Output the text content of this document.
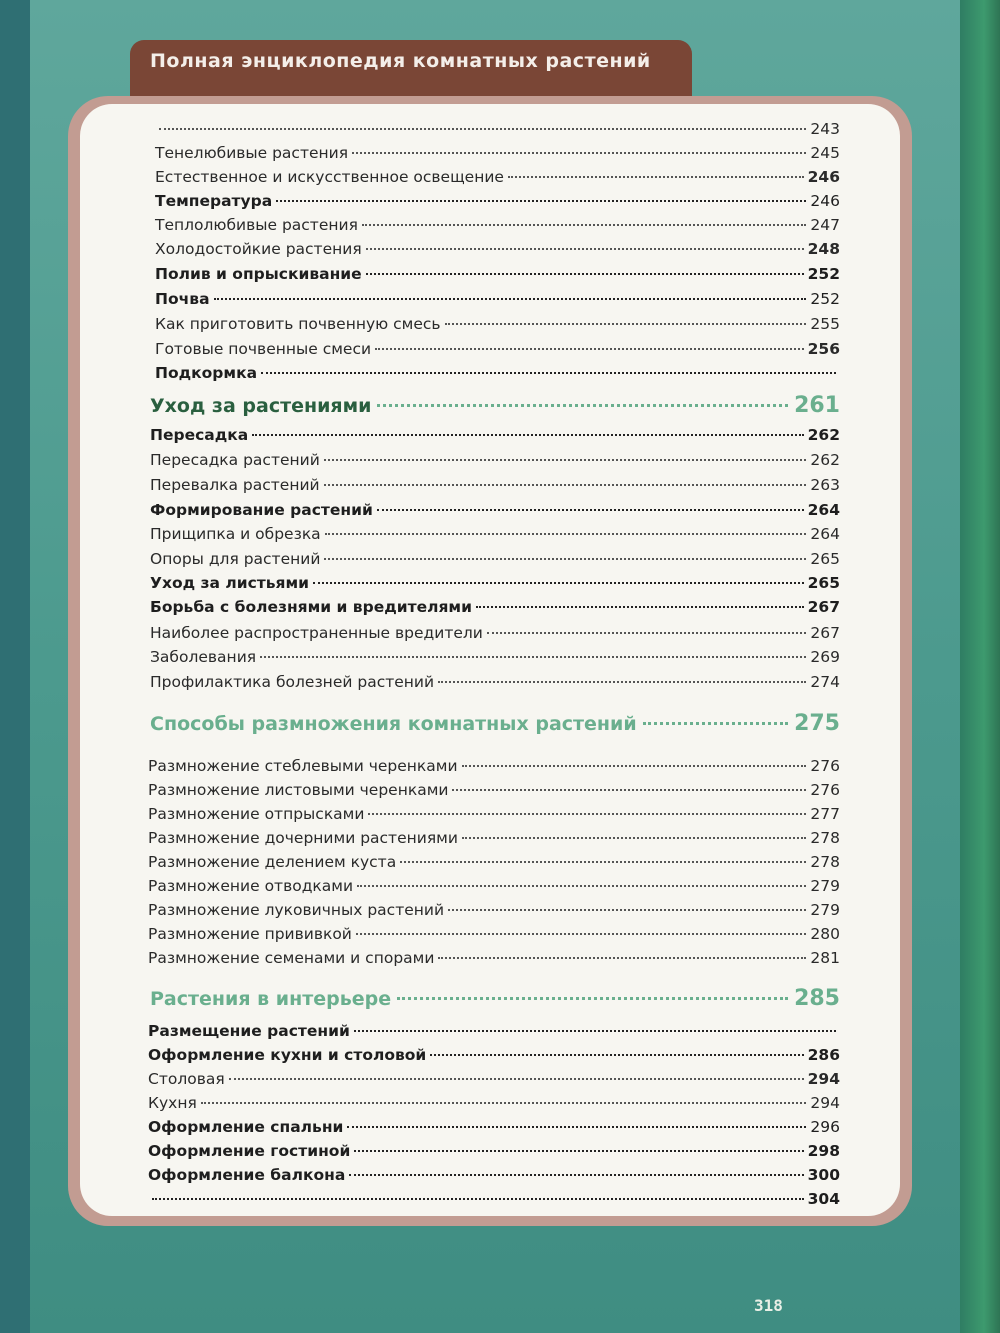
Полная энциклопедия комнатных растений
243
Тенелюбивые растения	245
Естественное и искусственное освещение	246
Температура	246
Теплолюбивые растения	247
Холодостойкие растения	248
Полив и опрыскивание	252
Почва	252
Как приготовить почвенную смесь	255
Готовые почвенные смеси	256
Подкормка
Уход за растениями	261
Пересадка	262
Пересадка растений	262
Перевалка растений	263
Формирование растений	264
Прищипка и обрезка	264
Опоры для растений	265
Уход за листьями	265
Борьба с болезнями и вредителями	267
Наиболее распространенные вредители	267
Заболевания	269
Профилактика болезней растений	274
Способы размножения комнатных растений	275
Размножение стеблевыми черенками	276
Размножение листовыми черенками	276
Размножение отпрысками	277
Размножение дочерними растениями	278
Размножение делением куста	278
Размножение отводками	279
Размножение луковичных растений	279
Размножение прививкой	280
Размножение семенами и спорами	281
Растения в интерьере	285
Размещение растений
Оформление кухни и столовой	286
Столовая	294
Кухня	294
Оформление спальни	296
Оформление гостиной	298
Оформление балкона	300
304
318
